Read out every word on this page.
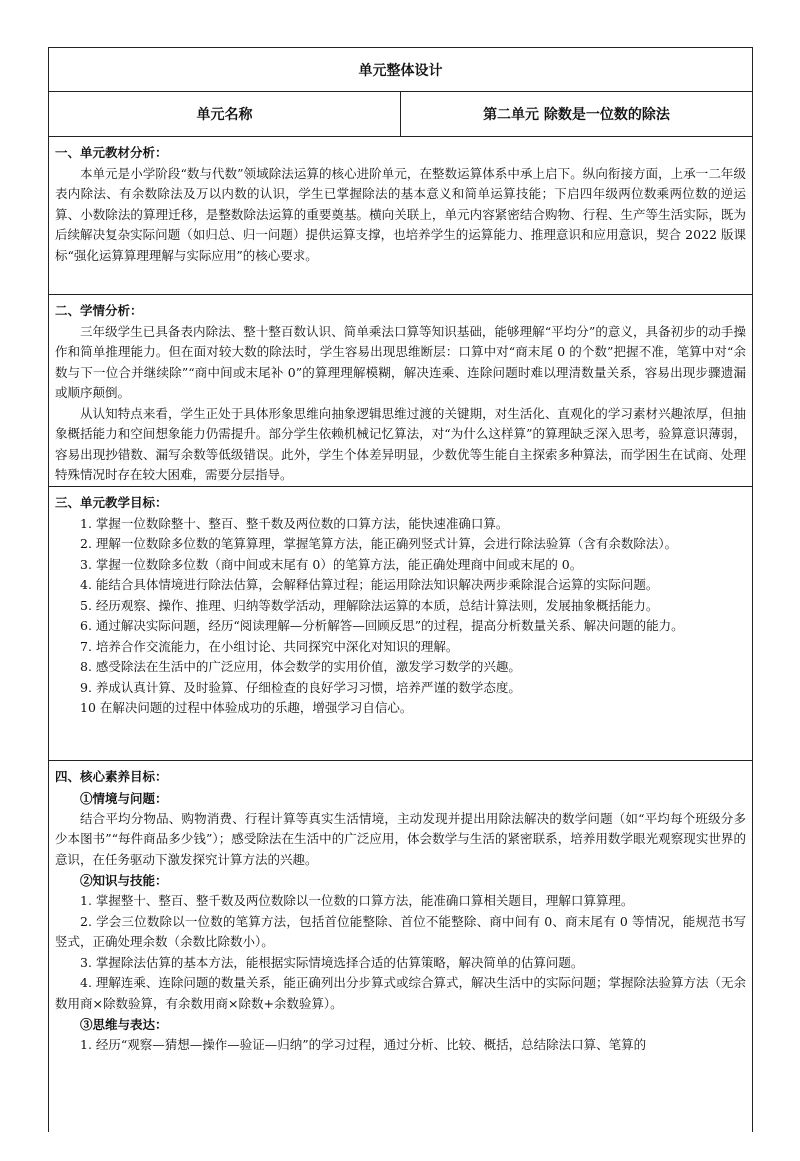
单元整体设计
单元名称	第二单元 除数是一位数的除法
一、单元教材分析：

本单元是小学阶段“数与代数”领域除法运算的核心进阶单元，在整数运算体系中承上启下。纵向衔接方面，上承一二年级表内除法、有余数除法及万以内数的认识，学生已掌握除法的基本意义和简单运算技能；下启四年级两位数乘两位数的逆运算、小数除法的算理迁移，是整数除法运算的重要奠基。横向关联上，单元内容紧密结合购物、行程、生产等生活实际，既为后续解决复杂实际问题（如归总、归一问题）提供运算支撑，也培养学生的运算能力、推理意识和应用意识，契合 2022 版课标“强化运算算理理解与实际应用”的核心要求。

二、学情分析：

三年级学生已具备表内除法、整十整百数认识、简单乘法口算等知识基础，能够理解“平均分”的意义，具备初步的动手操作和简单推理能力。但在面对较大数的除法时，学生容易出现思维断层：口算中对“商末尾 0 的个数”把握不准，笔算中对“余数与下一位合并继续除”“商中间或末尾补 0”的算理理解模糊，解决连乘、连除问题时难以理清数量关系，容易出现步骤遗漏或顺序颠倒。

从认知特点来看，学生正处于具体形象思维向抽象逻辑思维过渡的关键期，对生活化、直观化的学习素材兴趣浓厚，但抽象概括能力和空间想象能力仍需提升。部分学生依赖机械记忆算法，对“为什么这样算”的算理缺乏深入思考，验算意识薄弱，容易出现抄错数、漏写余数等低级错误。此外，学生个体差异明显，少数优等生能自主探索多种算法，而学困生在试商、处理特殊情况时存在较大困难，需要分层指导。

三、单元教学目标：

1. 掌握一位数除整十、整百、整千数及两位数的口算方法，能快速准确口算。

2. 理解一位数除多位数的笔算算理，掌握笔算方法，能正确列竖式计算，会进行除法验算（含有余数除法）。

3. 掌握一位数除多位数（商中间或末尾有 0）的笔算方法，能正确处理商中间或末尾的 0。

4. 能结合具体情境进行除法估算，会解释估算过程；能运用除法知识解决两步乘除混合运算的实际问题。

5. 经历观察、操作、推理、归纳等数学活动，理解除法运算的本质，总结计算法则，发展抽象概括能力。

6. 通过解决实际问题，经历“阅读理解—分析解答—回顾反思”的过程，提高分析数量关系、解决问题的能力。

7. 培养合作交流能力，在小组讨论、共同探究中深化对知识的理解。

8. 感受除法在生活中的广泛应用，体会数学的实用价值，激发学习数学的兴趣。

9. 养成认真计算、及时验算、仔细检查的良好学习习惯，培养严谨的数学态度。

10 在解决问题的过程中体验成功的乐趣，增强学习自信心。

四、核心素养目标：
①情境与问题：

结合平均分物品、购物消费、行程计算等真实生活情境，主动发现并提出用除法解决的数学问题（如“平均每个班级分多少本图书”“每件商品多少钱”）；感受除法在生活中的广泛应用，体会数学与生活的紧密联系，培养用数学眼光观察现实世界的意识，在任务驱动下激发探究计算方法的兴趣。

②知识与技能：

1. 掌握整十、整百、整千数及两位数除以一位数的口算方法，能准确口算相关题目，理解口算算理。

2. 学会三位数除以一位数的笔算方法，包括首位能整除、首位不能整除、商中间有 0、商末尾有 0 等情况，能规范书写竖式，正确处理余数（余数比除数小）。

3. 掌握除法估算的基本方法，能根据实际情境选择合适的估算策略，解决简单的估算问题。

4. 理解连乘、连除问题的数量关系，能正确列出分步算式或综合算式，解决生活中的实际问题；掌握除法验算方法（无余数用商×除数验算，有余数用商×除数+余数验算）。

③思维与表达：

1. 经历“观察—猜想—操作—验证—归纳”的学习过程，通过分析、比较、概括，总结除法口算、笔算的
